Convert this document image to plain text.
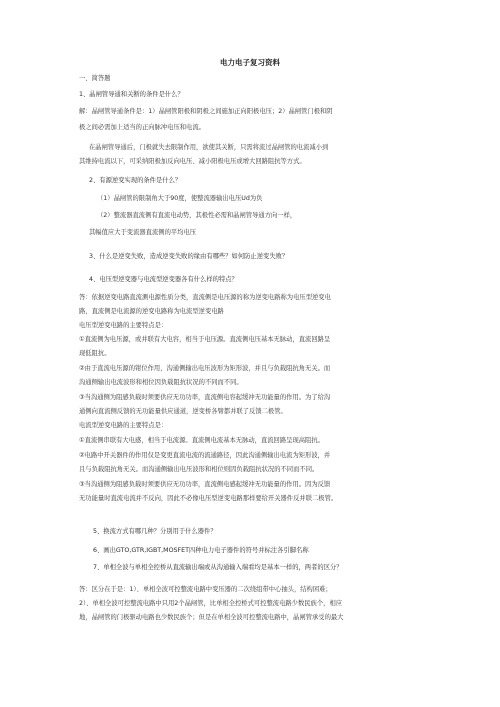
电力电子复习资料
一、简答题
1、晶闸管导通和关断的条件是什么？
解：晶闸管导通条件是：1）晶闸管阳极和阴极之间施加正向阳极电压；2）晶闸管门极和阴
极之间必需加上适当的正向脉冲电压和电流。
在晶闸管导通后，门极就失去限制作用，欲使其关断，只需将流过晶闸管的电流减小到
其维持电流以下，可采纳阳极加反向电压、减小阳极电压或增大回路阻抗等方式。
2、有源逆变实现的条件是什么？
（1）晶闸管的限制角大于90度，使整流器输出电压Ud为负
（2）整流器直流侧有直流电动势，其极性必需和晶闸管导通方向一样，
其幅值应大于变流器直流侧的平均电压
3、什么是逆变失败，造成逆变失败的缘由有哪些？如何防止逆变失败？
4、电压型逆变器与电流型逆变器各有什么样的特点？
答：依据逆变电路直流测电源性质分类，直流侧是电压源的称为逆变电路称为电压型逆变电
路，直流侧是电流源的逆变电路称为电流型逆变电路
电压型逆变电路的主要特点是：
①直流侧为电压源，或并联有大电容，相当于电压源。直流侧电压基本无脉动，直流回路呈
现低阻抗。
②由于直流电压源的钳位作用，沟通侧输出电压波形为矩形波，并且与负载阻抗角无关。而
沟通侧输出电流波形和相位因负载阻抗状况的不同而不同。
③当沟通侧为阻感负载时须要供应无功功率，直流侧电容起缓冲无功能量的作用。为了给沟
通侧向直流侧反馈的无功能量供应通道，逆变桥各臂都并联了反馈二极管。
电流型逆变电路的主要特点是：
①直流侧串联有大电感，相当于电流源。直流侧电流基本无脉动，直流回路呈现高阻抗。
②电路中开关器件的作用仅是变更直流电流的流通路径，因此沟通侧输出电流为矩形波，并
且与负载阻抗角无关。而沟通侧输出电压波形和相位则因负载阻抗状况的不同而不同。
③当沟通侧为阻感负载时须要供应无功功率，直流侧电感起缓冲无功能量的作用。因为反馈
无功能量时直流电流并不反向，因此不必像电压型逆变电路那样要给开关器件反并联二极管。
5、换流方式有哪几种？分别用于什么器件？
6、画出GTO,GTR,IGBT,MOSFET四种电力电子器件的符号并标注各引脚名称
7、单相全波与单相全控桥从直流输出端或从沟通输入端看均是基本一样的，两者的区分？
答：区分在于是：1）、单相全波可控整流电路中变压器的二次绕组带中心抽头，结构困难；
2）、单相全波可控整流电路中只用2个晶闸管，比单相全控桥式可控整流电路少数民族个，相应
地，晶闸管的门极驱动电路也少数民族个；但是在单相全波可控整流电路中，晶闸管承受的最大
